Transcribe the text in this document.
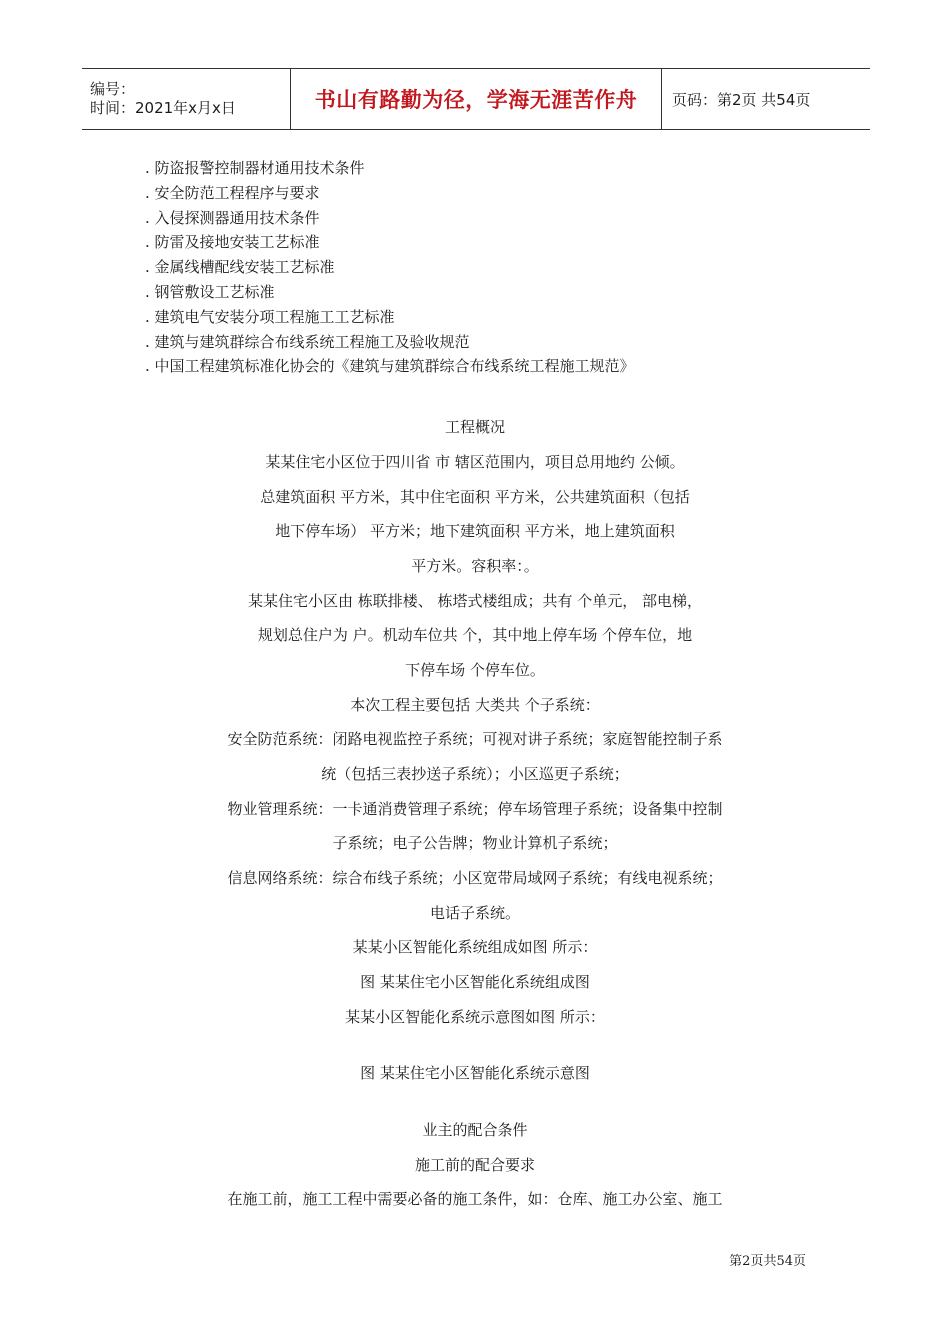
编号：
时间：2021年x月x日	书山有路勤为径，学海无涯苦作舟 页码：第2页 共54页
. 防盗报警控制器材通用技术条件
. 安全防范工程程序与要求
. 入侵探测器通用技术条件
. 防雷及接地安装工艺标准
. 金属线槽配线安装工艺标准
. 钢管敷设工艺标准
. 建筑电气安装分项工程施工工艺标准
. 建筑与建筑群综合布线系统工程施工及验收规范
. 中国工程建筑标准化协会的《建筑与建筑群综合布线系统工程施工规范》
工程概况
某某住宅小区位于四川省 市 辖区范围内，项目总用地约 公倾。
总建筑面积 平方米，其中住宅面积 平方米，公共建筑面积（包括
地下停车场） 平方米；地下建筑面积 平方米，地上建筑面积
平方米。容积率：。
某某住宅小区由 栋联排楼、 栋塔式楼组成；共有 个单元， 部电梯，
规划总住户为 户。机动车位共 个，其中地上停车场 个停车位，地
下停车场 个停车位。
本次工程主要包括 大类共 个子系统：
安全防范系统：闭路电视监控子系统；可视对讲子系统；家庭智能控制子系
统（包括三表抄送子系统）；小区巡更子系统；
物业管理系统：一卡通消费管理子系统；停车场管理子系统；设备集中控制
子系统；电子公告牌；物业计算机子系统；
信息网络系统：综合布线子系统；小区宽带局域网子系统；有线电视系统；
电话子系统。
某某小区智能化系统组成如图 所示：
图 某某住宅小区智能化系统组成图
某某小区智能化系统示意图如图 所示：
图 某某住宅小区智能化系统示意图
业主的配合条件
施工前的配合要求
在施工前，施工工程中需要必备的施工条件，如：仓库、施工办公室、施工
第2页共54页
